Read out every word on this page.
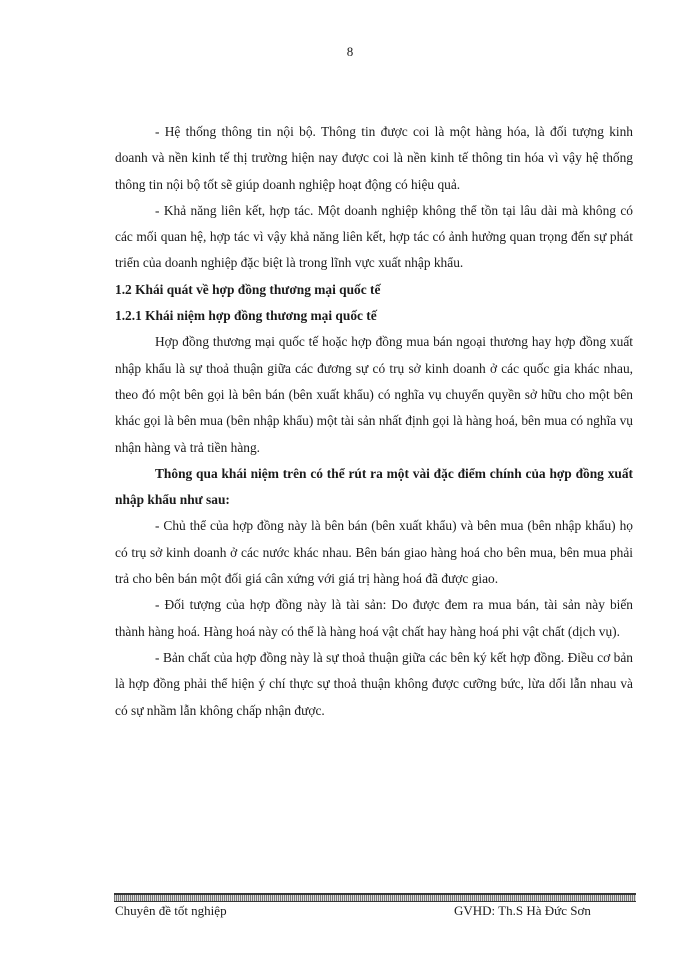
8

- Hệ thống thông tin nội bộ. Thông tin được coi là một hàng hóa, là đối tượng kinh doanh và nền kinh tế thị trường hiện nay được coi là nền kinh tế thông tin hóa vì vậy hệ thống thông tin nội bộ tốt sẽ giúp doanh nghiệp hoạt động có hiệu quả.

- Khả năng liên kết, hợp tác. Một doanh nghiệp không thể tồn tại lâu dài mà không có các mối quan hệ, hợp tác vì vậy khả năng liên kết, hợp tác có ảnh hưởng quan trọng đến sự phát triển của doanh nghiệp đặc biệt là trong lĩnh vực xuất nhập khẩu.

1.2 Khái quát về hợp đồng thương mại quốc tế

1.2.1 Khái niệm hợp đồng thương mại quốc tế

Hợp đồng thương mại quốc tế hoặc hợp đồng mua bán ngoại thương hay hợp đồng xuất nhập khẩu là sự thoả thuận giữa các đương sự có trụ sở kinh doanh ở các quốc gia khác nhau, theo đó một bên gọi là bên bán (bên xuất khẩu) có nghĩa vụ chuyển quyền sở hữu cho một bên khác gọi là bên mua (bên nhập khẩu) một tài sản nhất định gọi là hàng hoá, bên mua có nghĩa vụ nhận hàng và trả tiền hàng.

Thông qua khái niệm trên có thể rút ra một vài đặc điểm chính của hợp đồng xuất nhập khẩu như sau:

- Chủ thể của hợp đồng này là bên bán (bên xuất khẩu) và bên mua (bên nhập khẩu) họ có trụ sở kinh doanh ở các nước khác nhau. Bên bán giao hàng hoá cho bên mua, bên mua phải trả cho bên bán một đối giá cân xứng với giá trị hàng hoá đã được giao.

- Đối tượng của hợp đồng này là tài sản: Do được đem ra mua bán, tài sản này biến thành hàng hoá. Hàng hoá này có thể là hàng hoá vật chất hay hàng hoá phi vật chất (dịch vụ).

- Bản chất của hợp đồng này là sự thoả thuận giữa các bên ký kết hợp đồng. Điều cơ bản là hợp đồng phải thể hiện ý chí thực sự thoả thuận không được cưỡng bức, lừa dối lẫn nhau và có sự nhầm lẫn không chấp nhận được.

Chuyên đề tốt nghiệp	GVHD: Th.S Hà Đức Sơn
